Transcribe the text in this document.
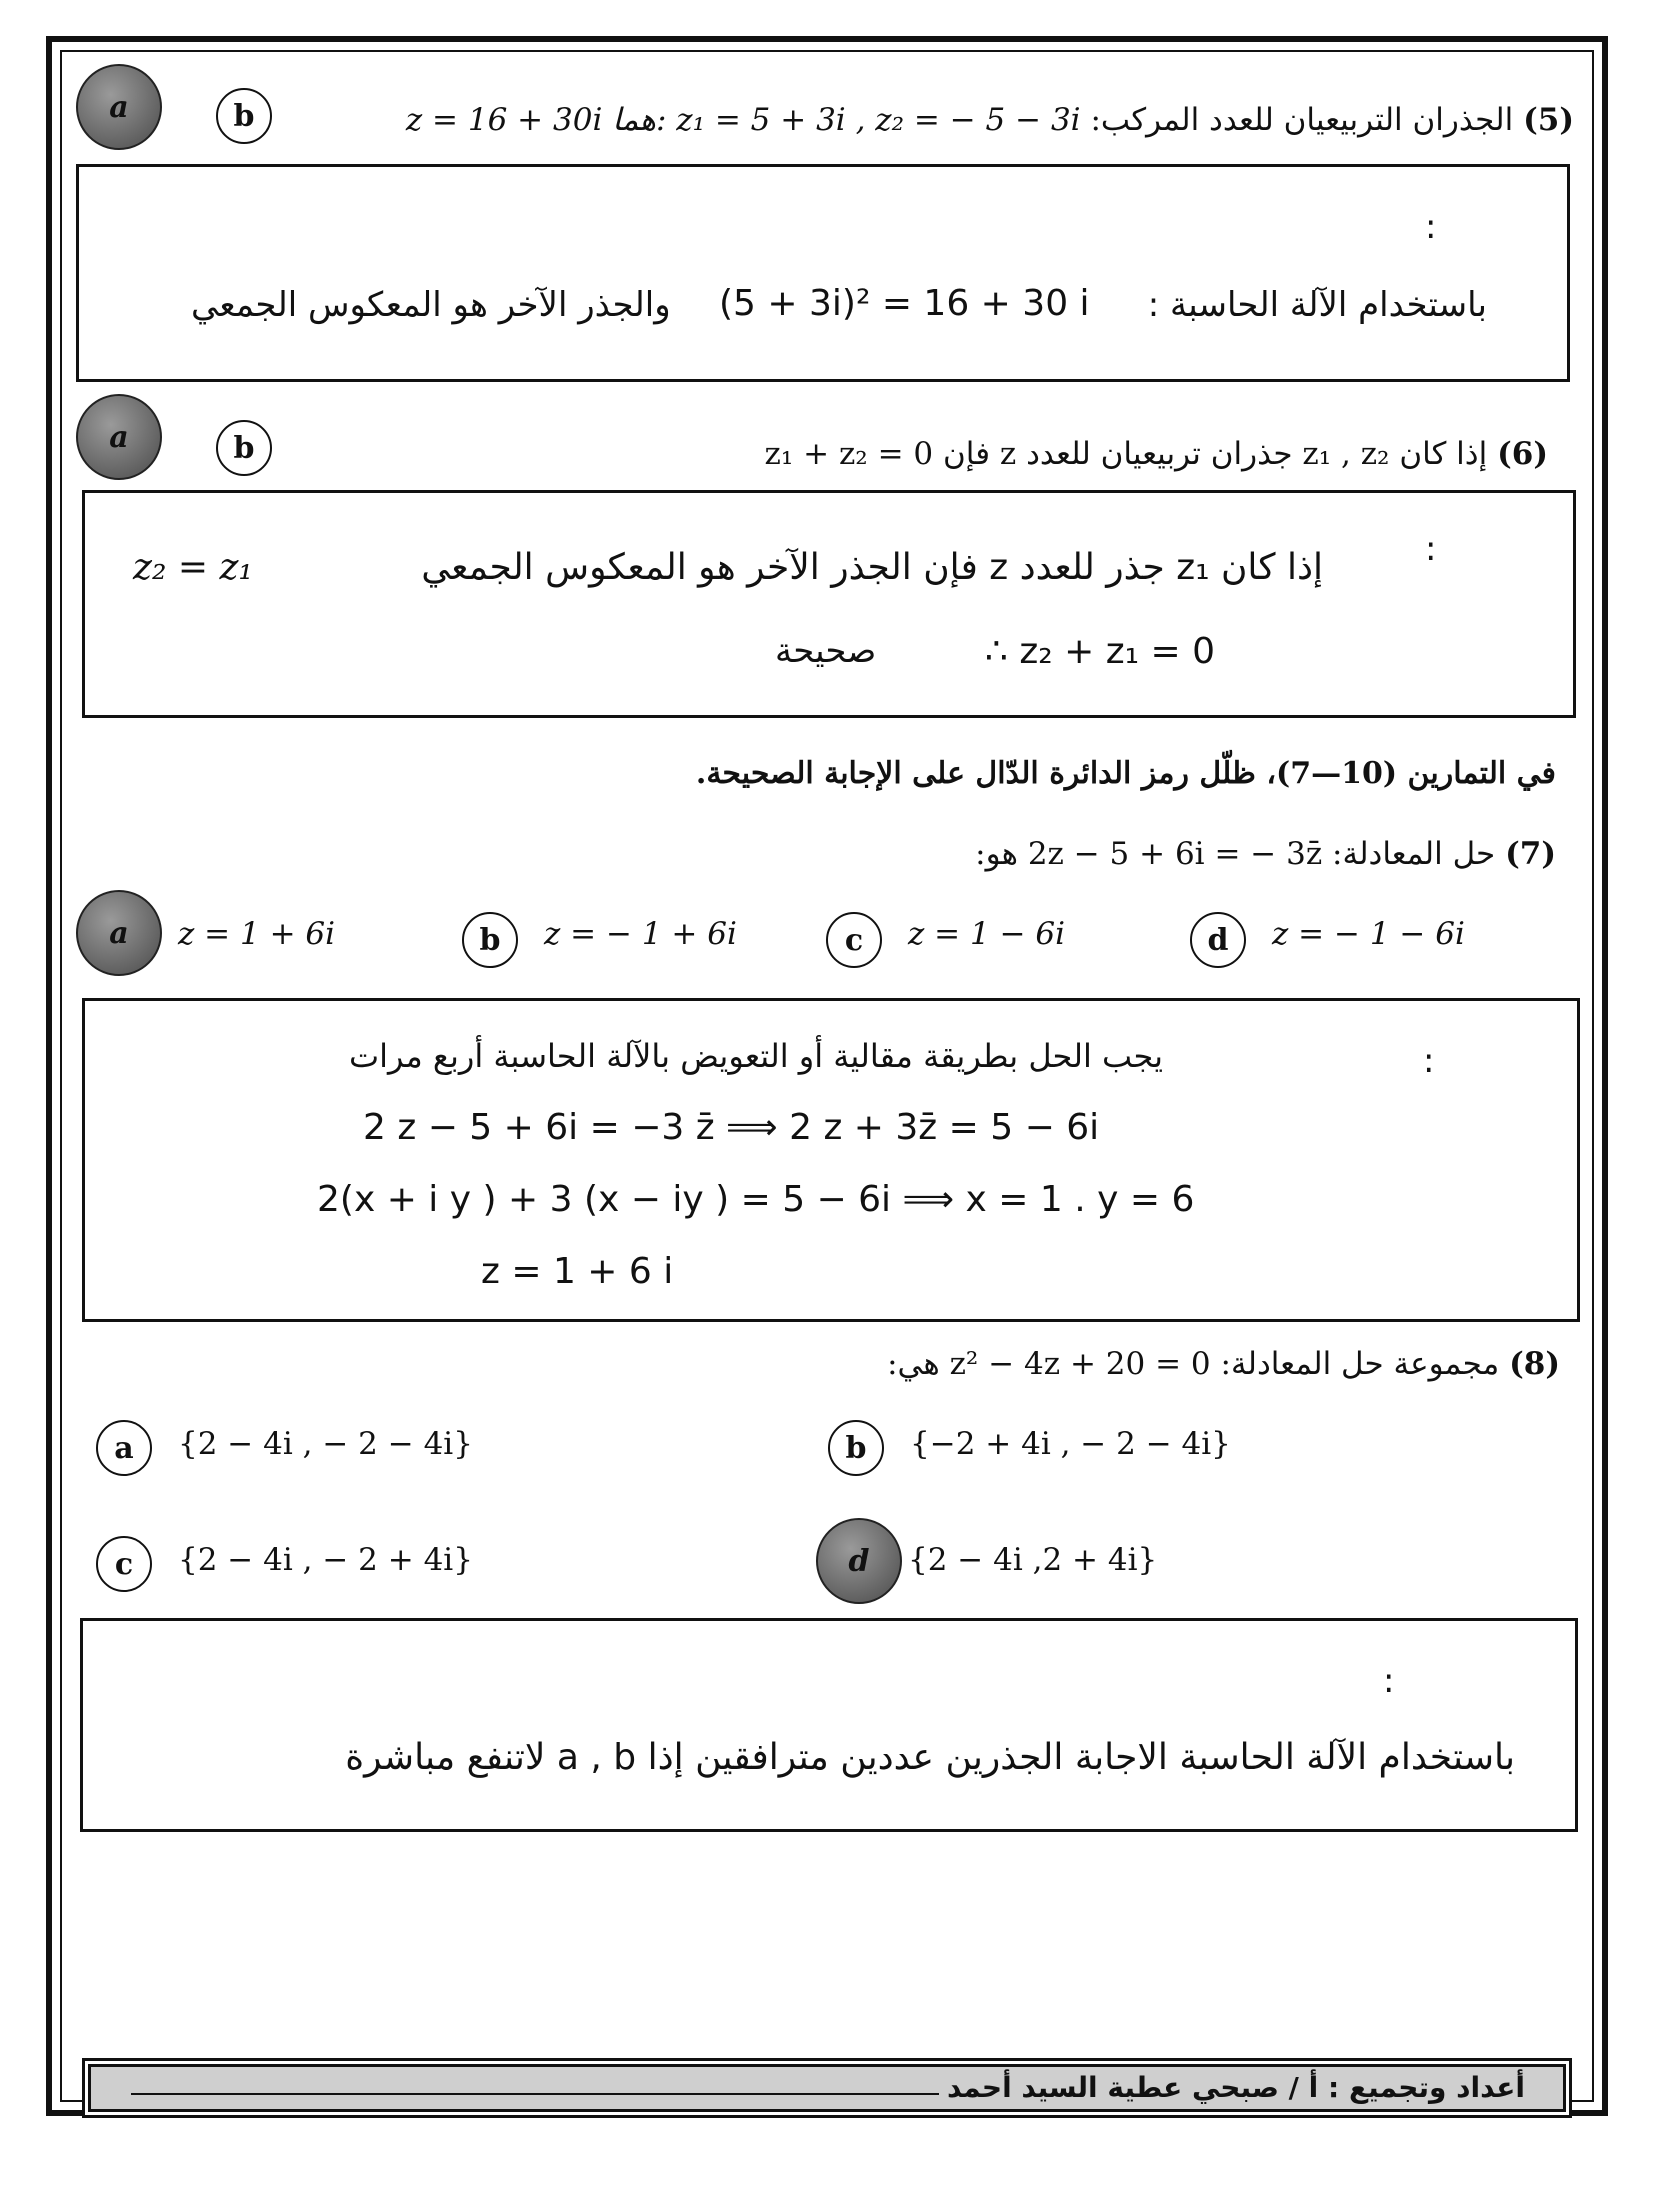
a	b	(5) الجذران التربيعيان للعدد المركب: z = 16 + 30i هما: z₁ = 5 + 3i , z₂ = − 5 − 3i
:
باستخدام الآلة الحاسبة :
(5 + 3i)² = 16 + 30 i
والجذر الآخر هو المعكوس الجمعي
a	b	(6) إذا كان z₁ , z₂ جذران تربيعيان للعدد z فإن z₁ + z₂ = 0
:
إذا كان z₁ جذر للعدد z فإن الجذر الآخر هو المعكوس الجمعي
z₂ = z₁
∴ z₂ + z₁ = 0
صحيحة
في التمارين (10—7)، ظلّل رمز الدائرة الدّال على الإجابة الصحيحة.
(7) حل المعادلة: 2z − 5 + 6i = − 3z̄ هو:
a z = 1 + 6i	b z = − 1 + 6i	c z = 1 − 6i	d z = − 1 − 6i
:
يجب الحل بطريقة مقالية أو التعويض بالآلة الحاسبة أربع مرات
2 z − 5 + 6i = −3 z̄ ⟹ 2 z + 3z̄ = 5 − 6i
2(x + i y ) + 3 (x − iy ) = 5 − 6i ⟹ x = 1 . y = 6
z = 1 + 6 i
(8) مجموعة حل المعادلة: z² − 4z + 20 = 0 هي:
a {2 − 4i , − 2 − 4i}	b {−2 + 4i , − 2 − 4i}
c {2 − 4i , − 2 + 4i}	d {2 − 4i ,2 + 4i}
:
باستخدام الآلة الحاسبة الاجابة الجذرين عددين مترافقين إذا a , b لاتنفع مباشرة
أعداد وتجميع : أ / صبحي عطية السيد أحمد
